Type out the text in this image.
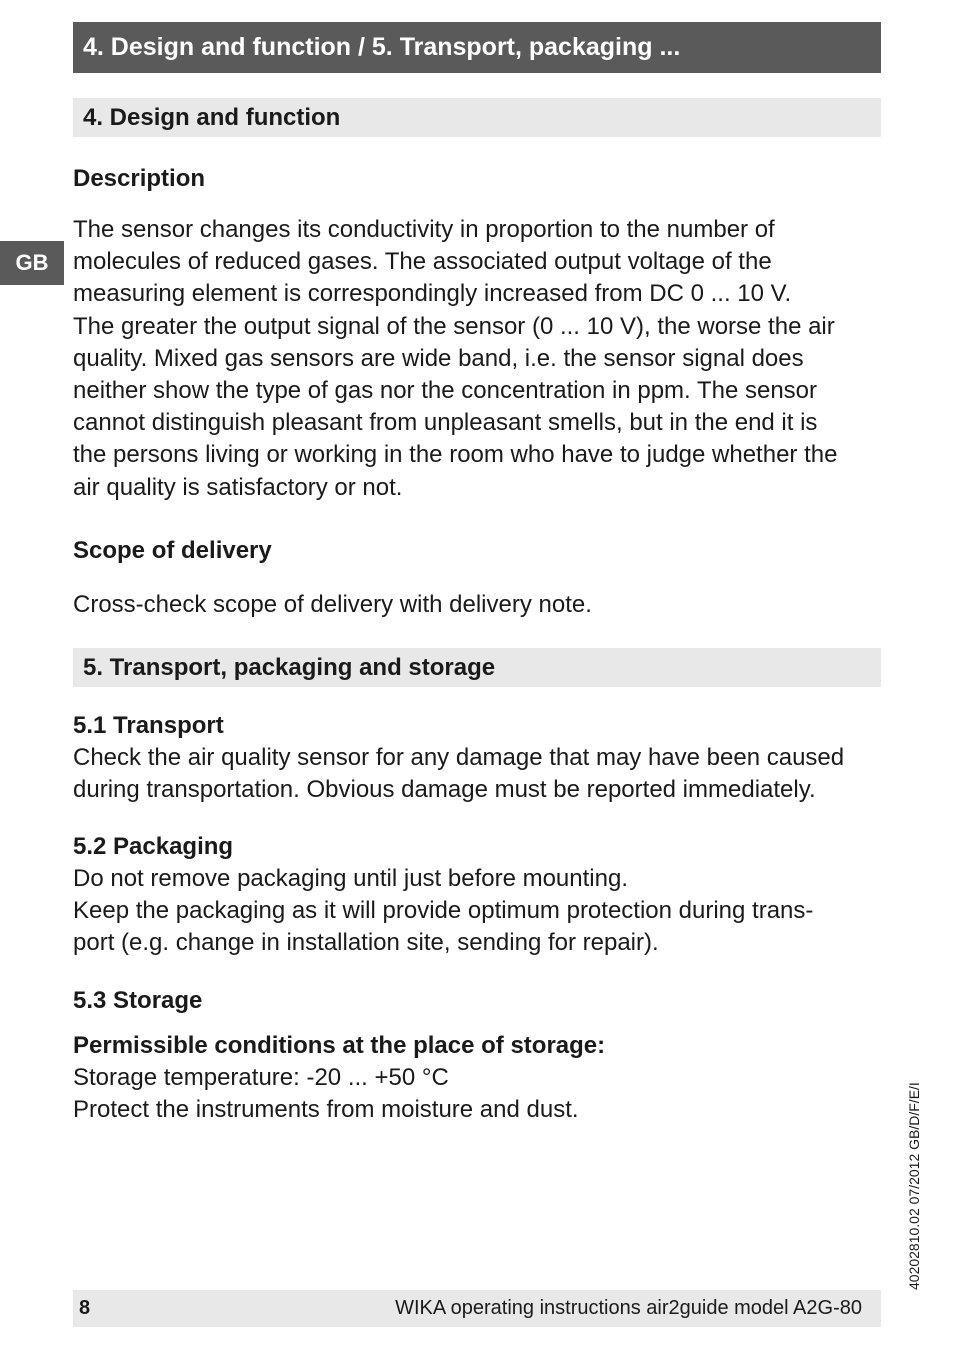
4. Design and function / 5. Transport, packaging ...
4. Design and function
GB
Description
The sensor changes its conductivity in proportion to the number of
molecules of reduced gases. The associated output voltage of the
measuring element is correspondingly increased from DC 0 ... 10 V.
The greater the output signal of the sensor (0 ... 10 V), the worse the air
quality. Mixed gas sensors are wide band, i.e. the sensor signal does
neither show the type of gas nor the concentration in ppm. The sensor
cannot distinguish pleasant from unpleasant smells, but in the end it is
the persons living or working in the room who have to judge whether the
air quality is satisfactory or not.
Scope of delivery
Cross-check scope of delivery with delivery note.
5. Transport, packaging and storage
5.1 Transport
Check the air quality sensor for any damage that may have been caused
during transportation. Obvious damage must be reported immediately.
5.2 Packaging
Do not remove packaging until just before mounting.
Keep the packaging as it will provide optimum protection during trans-
port (e.g. change in installation site, sending for repair).
5.3 Storage
Permissible conditions at the place of storage:
Storage temperature: -20 ... +50 °C
Protect the instruments from moisture and dust.	40202810.02 07/2012 GB/D/F/E/I
8	WIKA operating instructions air2guide model A2G-80
